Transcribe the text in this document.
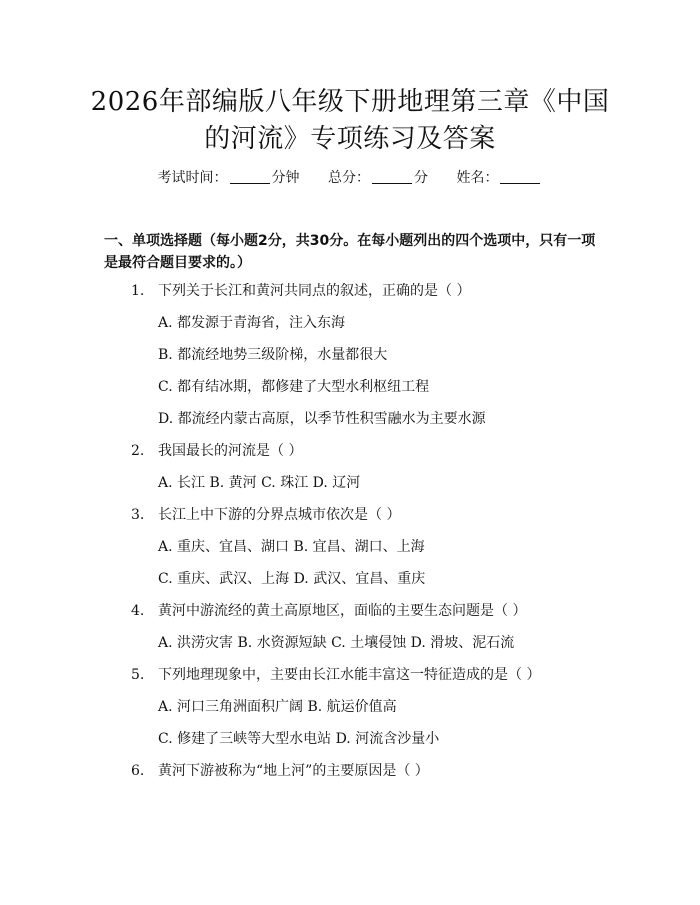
2026年部编版八年级下册地理第三章《中国
的河流》专项练习及答案
考试时间：	分钟 总分：	分 姓名：
一、单项选择题（每小题2分，共30分。在每小题列出的四个选项中，只有一项是最符合题目要求的。）
1. 下列关于长江和黄河共同点的叙述，正确的是（ ）
A. 都发源于青海省，注入东海
B. 都流经地势三级阶梯，水量都很大
C. 都有结冰期，都修建了大型水利枢纽工程
D. 都流经内蒙古高原，以季节性积雪融水为主要水源
2. 我国最长的河流是（ ）
A. 长江 B. 黄河 C. 珠江 D. 辽河
3. 长江上中下游的分界点城市依次是（ ）
A. 重庆、宜昌、湖口 B. 宜昌、湖口、上海
C. 重庆、武汉、上海 D. 武汉、宜昌、重庆
4. 黄河中游流经的黄土高原地区，面临的主要生态问题是（ ）
A. 洪涝灾害 B. 水资源短缺 C. 土壤侵蚀 D. 滑坡、泥石流
5. 下列地理现象中，主要由长江水能丰富这一特征造成的是（ ）
A. 河口三角洲面积广阔 B. 航运价值高
C. 修建了三峡等大型水电站 D. 河流含沙量小
6. 黄河下游被称为“地上河”的主要原因是（ ）
